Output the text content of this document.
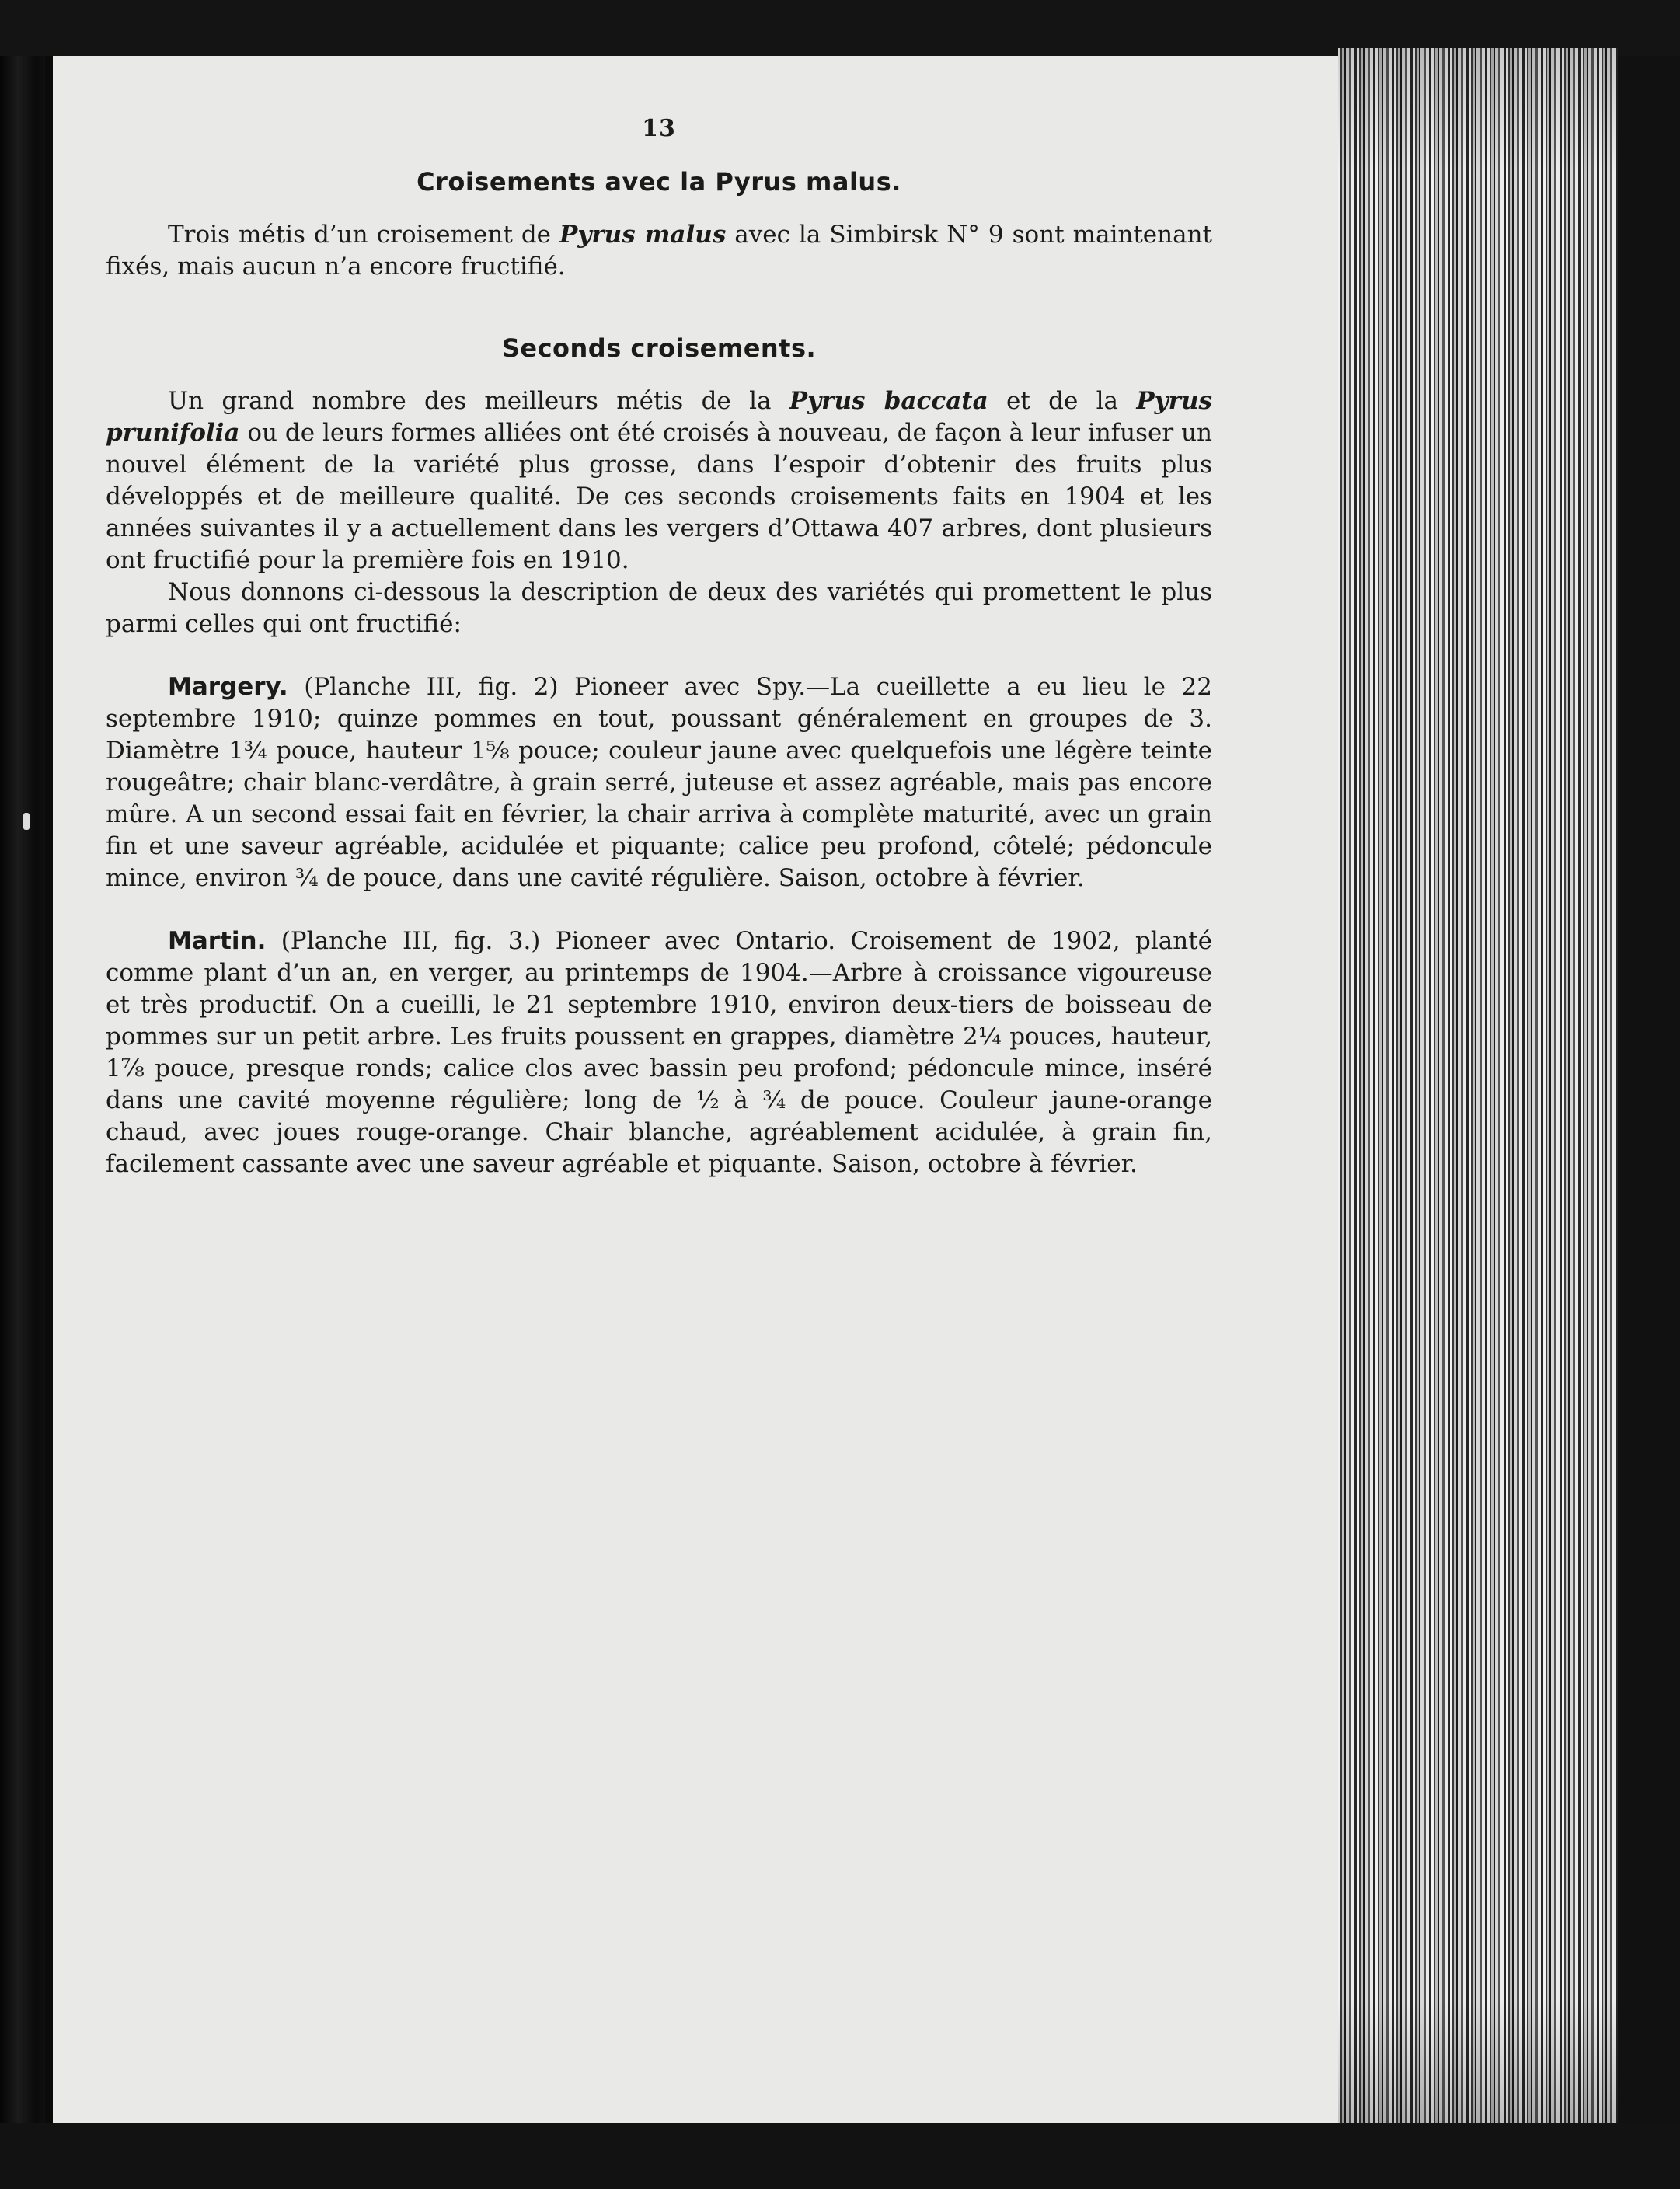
13
Croisements avec la Pyrus malus.

Trois métis d’un croisement de Pyrus malus avec la Simbirsk N° 9 sont maintenant fixés, mais aucun n’a encore fructifié.

Seconds croisements.

Un grand nombre des meilleurs métis de la Pyrus baccata et de la Pyrus prunifolia ou de leurs formes alliées ont été croisés à nouveau, de façon à leur infuser un nouvel élément de la variété plus grosse, dans l’espoir d’obtenir des fruits plus développés et de meilleure qualité. De ces seconds croisements faits en 1904 et les années suivantes il y a actuellement dans les vergers d’Ottawa 407 arbres, dont plusieurs ont fructifié pour la première fois en 1910.

Nous donnons ci-dessous la description de deux des variétés qui promettent le plus parmi celles qui ont fructifié:

Margery. (Planche III, fig. 2) Pioneer avec Spy.—La cueillette a eu lieu le 22 septembre 1910; quinze pommes en tout, poussant généralement en groupes de 3. Diamètre 1¾ pouce, hauteur 1⅝ pouce; couleur jaune avec quelquefois une légère teinte rougeâtre; chair blanc-verdâtre, à grain serré, juteuse et assez agréable, mais pas encore mûre. A un second essai fait en février, la chair arriva à complète maturité, avec un grain fin et une saveur agréable, acidulée et piquante; calice peu profond, côtelé; pédoncule mince, environ ¾ de pouce, dans une cavité régulière. Saison, octobre à février.

Martin. (Planche III, fig. 3.) Pioneer avec Ontario. Croisement de 1902, planté comme plant d’un an, en verger, au printemps de 1904.—Arbre à croissance vigoureuse et très productif. On a cueilli, le 21 septembre 1910, environ deux-tiers de boisseau de pommes sur un petit arbre. Les fruits poussent en grappes, diamètre 2¼ pouces, hauteur, 1⅞ pouce, presque ronds; calice clos avec bassin peu profond; pédoncule mince, inséré dans une cavité moyenne régulière; long de ½ à ¾ de pouce. Couleur jaune-orange chaud, avec joues rouge-orange. Chair blanche, agréablement acidulée, à grain fin, facilement cassante avec une saveur agréable et piquante. Saison, octobre à février.
